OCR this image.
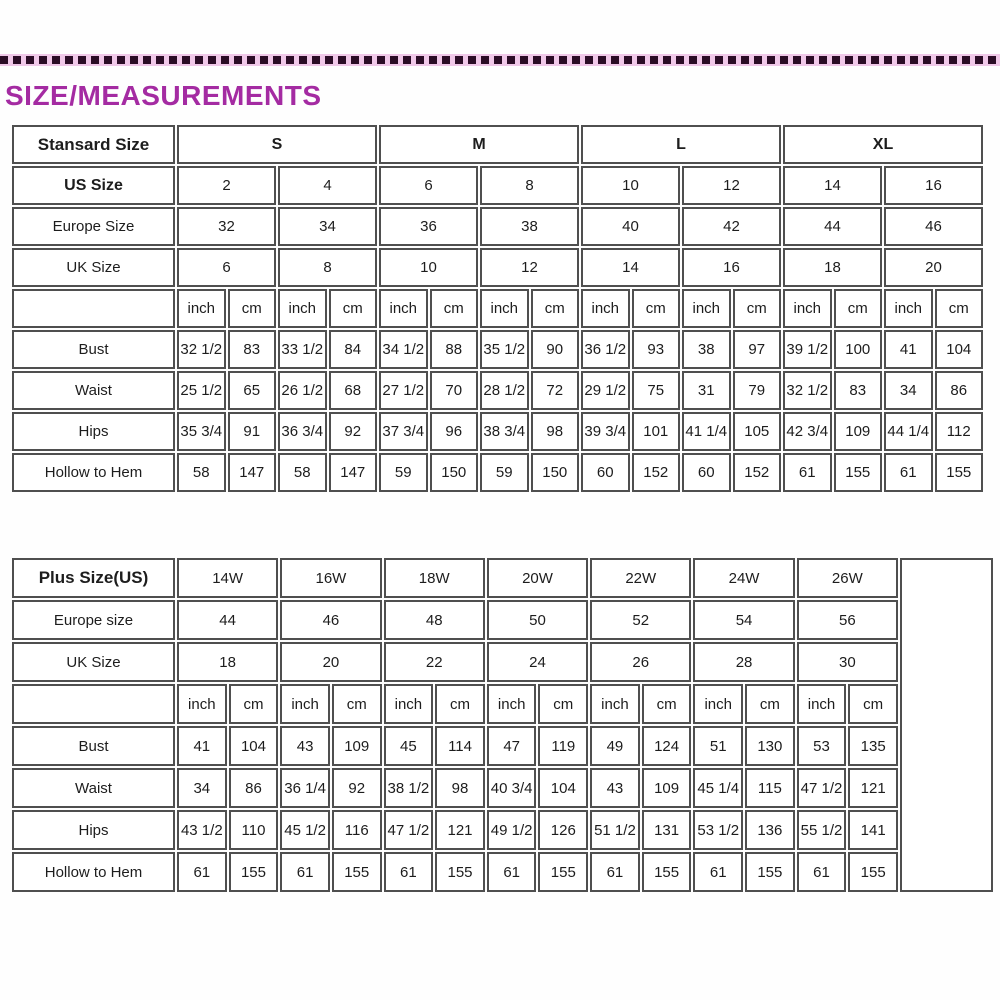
SIZE/MEASUREMENTS
Stansard Size	S				M				L				XL			
US Size	2		4		6		8		10		12		14		16	
Europe Size	32		34		36		38		40		42		44		46	
UK Size	6		8		10		12		14		16		18		20	
	inch	cm	inch	cm	inch	cm	inch	cm	inch	cm	inch	cm	inch	cm	inch	cm
Bust	32 1/2	83	33 1/2	84	34 1/2	88	35 1/2	90	36 1/2	93	38	97	39 1/2	100	41	104
Waist	25 1/2	65	26 1/2	68	27 1/2	70	28 1/2	72	29 1/2	75	31	79	32 1/2	83	34	86
Hips	35 3/4	91	36 3/4	92	37 3/4	96	38 3/4	98	39 3/4	101	41 1/4	105	42 3/4	109	44 1/4	112
Hollow to Hem	58	147	58	147	59	150	59	150	60	152	60	152	61	155	61	155
Plus Size(US)	14W		16W		18W		20W		22W		24W		26W		
Europe size	44		46		48		50		52		54		56		
UK Size	18		20		22		24		26		28		30		
	inch	cm	inch	cm	inch	cm	inch	cm	inch	cm	inch	cm	inch	cm	
Bust	41	104	43	109	45	114	47	119	49	124	51	130	53	135	
Waist	34	86	36 1/4	92	38 1/2	98	40 3/4	104	43	109	45 1/4	115	47 1/2	121	
Hips	43 1/2	110	45 1/2	116	47 1/2	121	49 1/2	126	51 1/2	131	53 1/2	136	55 1/2	141	
Hollow to Hem	61	155	61	155	61	155	61	155	61	155	61	155	61	155	
